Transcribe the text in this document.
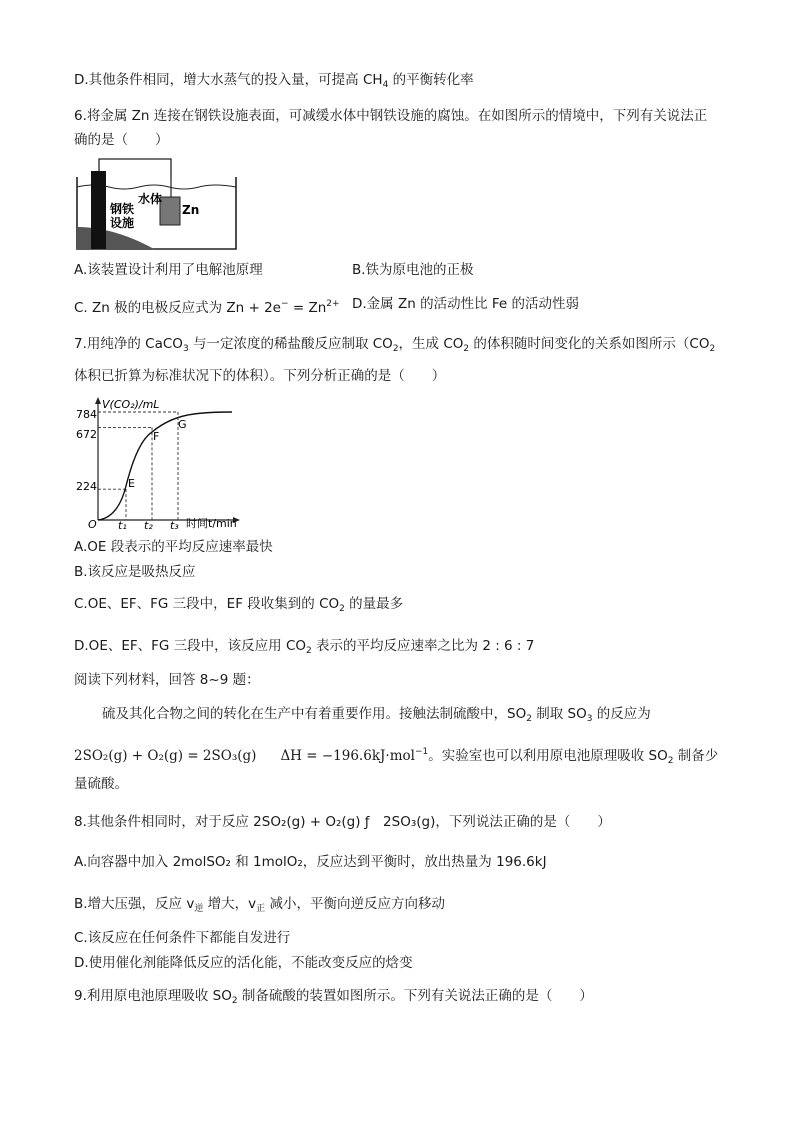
D.其他条件相同，增大水蒸气的投入量，可提高 $CH_4$ 的平衡转化率
6.将金属 Zn 连接在钢铁设施表面，可减缓水体中钢铁设施的腐蚀。在如图所示的情境中，下列有关说法正
确的是（　　）
水体
Zn
钢铁
设施
A.该装置设计利用了电解池原理	B.铁为原电池的正极
C. Zn 极的电极反应式为 $Zn + 2e^- = Zn^{2+}$ D.金属 Zn 的活动性比 Fe 的活动性弱
7.用纯净的 CaCO$_3$ 与一定浓度的稀盐酸反应制取 $CO_2$，生成 $CO_2$ 的体积随时间变化的关系如图所示（$CO_2$
体积已折算为标准状况下的体积）。下列分析正确的是（　　）
V(CO₂)/mL
时间t/min
784
672
224
O t₁ t₂ t₃
E
F
G
A.OE 段表示的平均反应速率最快
B.该反应是吸热反应
C.OE、EF、FG 三段中，EF 段收集到的 $CO_2$ 的量最多
D.OE、EF、FG 三段中，该反应用 $CO_2$ 表示的平均反应速率之比为 2 : 6 : 7
阅读下列材料，回答 8~9 题：
硫及其化合物之间的转化在生产中有着重要作用。接触法制硫酸中，$SO_2$ 制取 $SO_3$ 的反应为
2SO₂(g) + O₂(g) = 2SO₃(g) ΔH = −196.6kJ·mol$^{-1}$。实验室也可以利用原电池原理吸收 $SO_2$ 制备少
量硫酸。
8.其他条件相同时，对于反应 2SO₂(g) + O₂(g) ƒ　2SO₃(g)，下列说法正确的是（　　）
A.向容器中加入 2molSO₂ 和 1molO₂，反应达到平衡时，放出热量为 196.6kJ
B.增大压强，反应 $v_逆$ 增大，$v_正$ 减小，平衡向逆反应方向移动
C.该反应在任何条件下都能自发进行
D.使用催化剂能降低反应的活化能，不能改变反应的焓变
9.利用原电池原理吸收 $SO_2$ 制备硫酸的装置如图所示。下列有关说法正确的是（　　）
